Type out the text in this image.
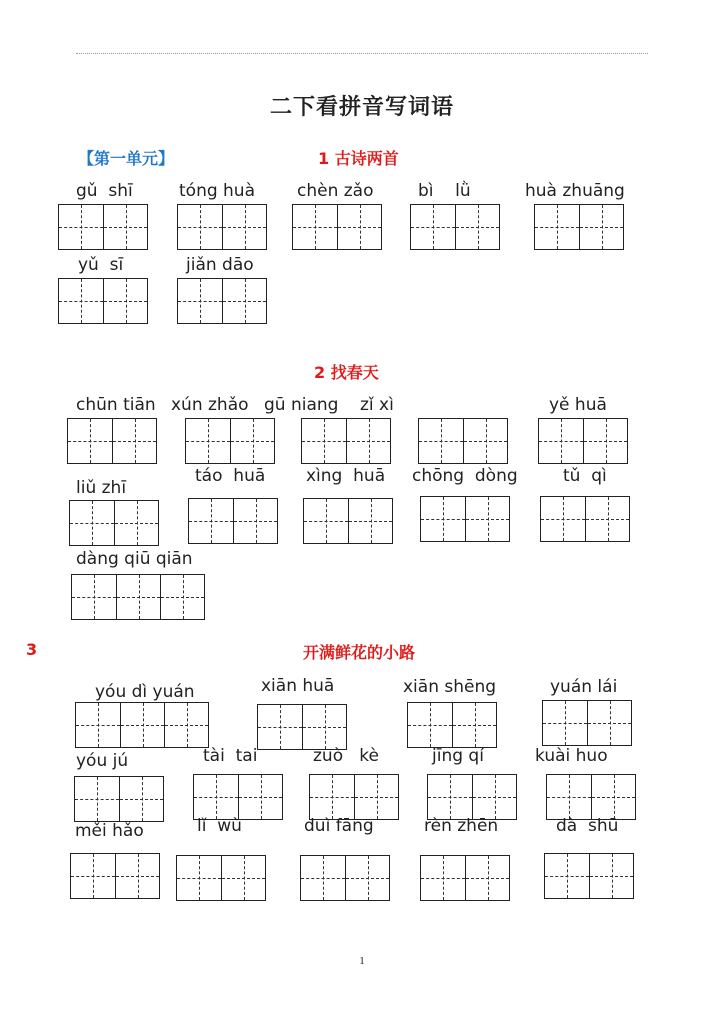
二下看拼音写词语
【第一单元】	1 古诗两首
2 找春天
3	开满鲜花的小路
gǔ  shī	tóng huà chèn zǎo	bì    lǜ	huà zhuāng
yǔ  sī	jiǎn dāo
chūn tiān xún zhǎo gū niang zǐ xì	yě huā
liǔ zhī
táo  huā xìng  huā chōng  dòng	tǔ  qì
dàng qiū qiān
yóu dì yuán	xiān huā	xiān shēng	yuán lái
yóu jú	tài  tai	zuò   kè	jīng qí	kuài huo
měi hǎo	lǐ  wù	duì fāng	rèn zhēn	dà  shū
1
